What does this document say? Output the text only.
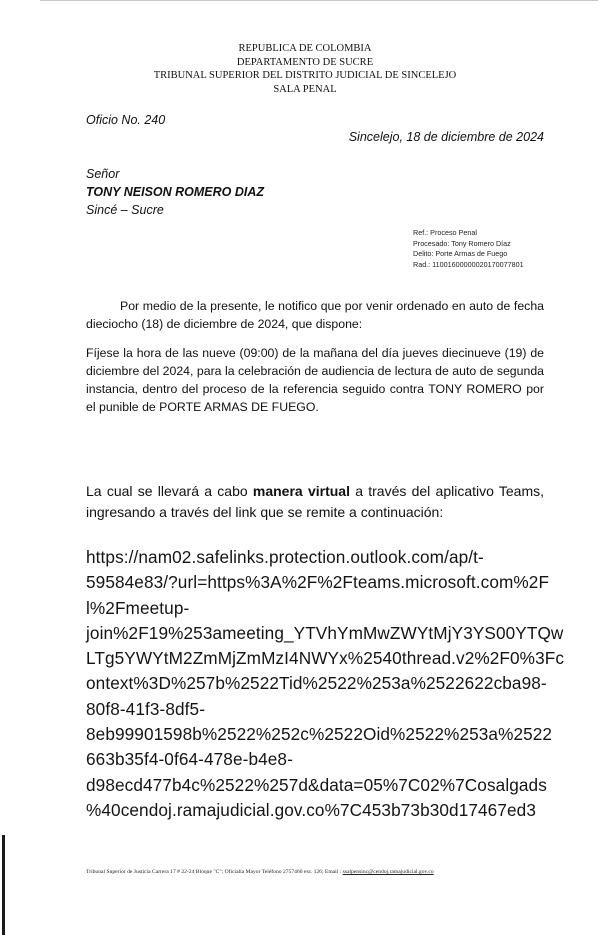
REPUBLICA DE COLOMBIA
DEPARTAMENTO DE SUCRE
TRIBUNAL SUPERIOR DEL DISTRITO JUDICIAL DE SINCELEJO
SALA PENAL
Oficio No. 240
Sincelejo, 18 de diciembre de 2024
Señor
TONY NEISON ROMERO DIAZ
Sincé – Sucre
Ref.: Proceso Penal
Procesado: Tony Romero Díaz
Delito: Porte Armas de Fuego
Rad.: 11001600000020170077801
Por medio de la presente, le notifico que por venir ordenado en auto de fecha dieciocho (18) de diciembre de 2024, que dispone:
Fíjese la hora de las nueve (09:00) de la mañana del día jueves diecinueve (19) de diciembre del 2024, para la celebración de audiencia de lectura de auto de segunda instancia, dentro del proceso de la referencia seguido contra TONY ROMERO por el punible de PORTE ARMAS DE FUEGO.
La cual se llevará a cabo manera virtual a través del aplicativo Teams, ingresando a través del link que se remite a continuación:
https://nam02.safelinks.protection.outlook.com/ap/t-
59584e83/?url=https%3A%2F%2Fteams.microsoft.com%2F
l%2Fmeetup-
join%2F19%253ameeting_YTVhYmMwZWYtMjY3YS00YTQw
LTg5YWYtM2ZmMjZmMzI4NWYx%2540thread.v2%2F0%3Fc
ontext%3D%257b%2522Tid%2522%253a%2522622cba98-
80f8-41f3-8df5-
8eb99901598b%2522%252c%2522Oid%2522%253a%2522
663b35f4-0f64-478e-b4e8-
d98ecd477b4c%2522%257d&data=05%7C02%7Cosalgads
%40cendoj.ramajudicial.gov.co%7C453b73b30d17467ed3
Tribunal Superior de Justicia Carrera 17 # 22-24 Bloque "C"; Oficialía Mayor Teléfono 2757460 ext. 126; Email : ssalpensinc@cendoj.ramajudicial.gov.co
